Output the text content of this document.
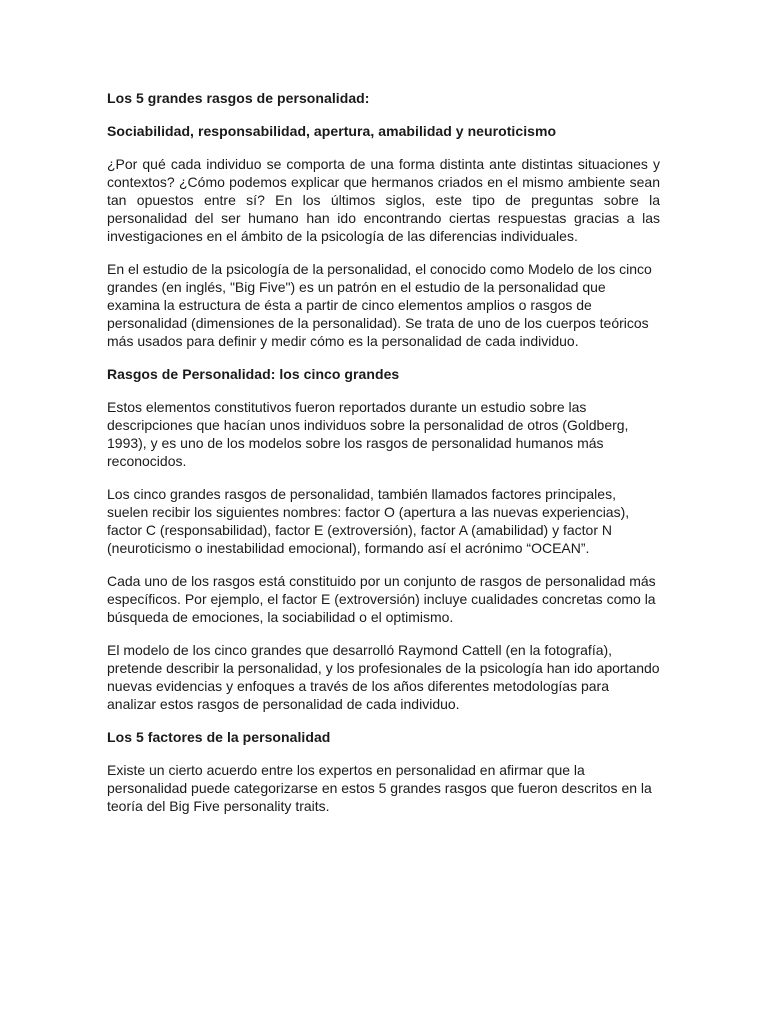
Los 5 grandes rasgos de personalidad:
Sociabilidad, responsabilidad, apertura, amabilidad y neuroticismo
¿Por qué cada individuo se comporta de una forma distinta ante distintas situaciones y contextos? ¿Cómo podemos explicar que hermanos criados en el mismo ambiente sean tan opuestos entre sí? En los últimos siglos, este tipo de preguntas sobre la personalidad del ser humano han ido encontrando ciertas respuestas gracias a las investigaciones en el ámbito de la psicología de las diferencias individuales.
En el estudio de la psicología de la personalidad, el conocido como Modelo de los cinco grandes (en inglés, "Big Five") es un patrón en el estudio de la personalidad que examina la estructura de ésta a partir de cinco elementos amplios o rasgos de personalidad (dimensiones de la personalidad). Se trata de uno de los cuerpos teóricos más usados para definir y medir cómo es la personalidad de cada individuo.
Rasgos de Personalidad: los cinco grandes
Estos elementos constitutivos fueron reportados durante un estudio sobre las descripciones que hacían unos individuos sobre la personalidad de otros (Goldberg, 1993), y es uno de los modelos sobre los rasgos de personalidad humanos más reconocidos.
Los cinco grandes rasgos de personalidad, también llamados factores principales, suelen recibir los siguientes nombres: factor O (apertura a las nuevas experiencias), factor C (responsabilidad), factor E (extroversión), factor A (amabilidad) y factor N (neuroticismo o inestabilidad emocional), formando así el acrónimo “OCEAN”.
Cada uno de los rasgos está constituido por un conjunto de rasgos de personalidad más específicos. Por ejemplo, el factor E (extroversión) incluye cualidades concretas como la búsqueda de emociones, la sociabilidad o el optimismo.
El modelo de los cinco grandes que desarrolló Raymond Cattell (en la fotografía), pretende describir la personalidad, y los profesionales de la psicología han ido aportando nuevas evidencias y enfoques a través de los años diferentes metodologías para analizar estos rasgos de personalidad de cada individuo.
Los 5 factores de la personalidad
Existe un cierto acuerdo entre los expertos en personalidad en afirmar que la personalidad puede categorizarse en estos 5 grandes rasgos que fueron descritos en la teoría del Big Five personality traits.
